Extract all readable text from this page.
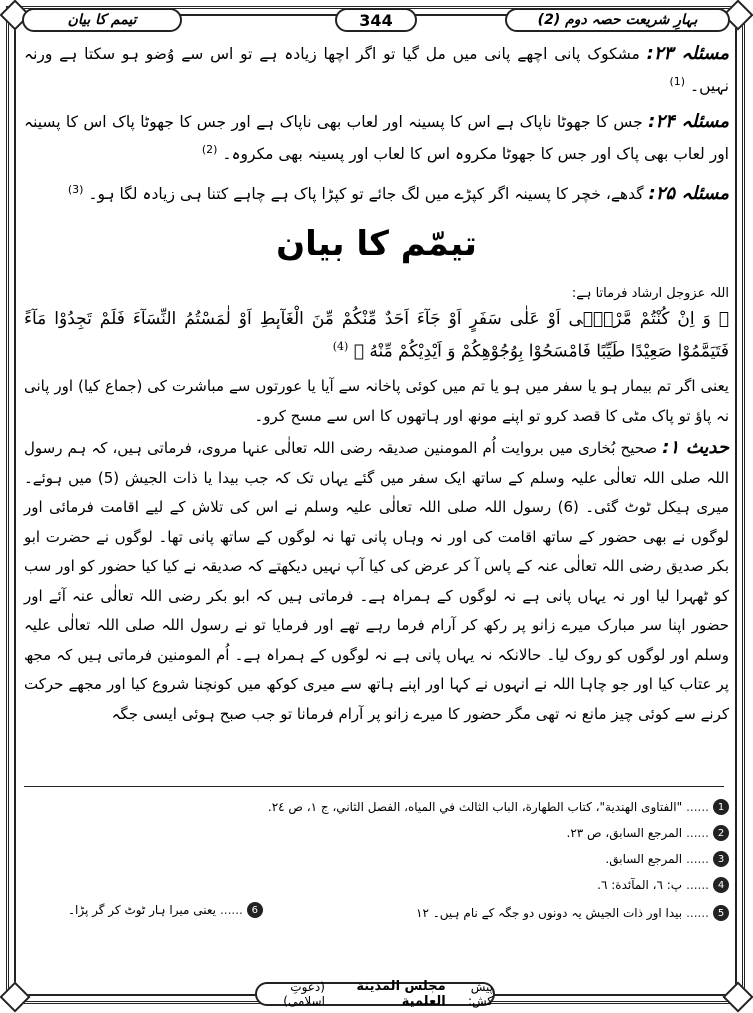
بہارِ شریعت حصہ دوم (2)
344
تیمم کا بیان

مسئلہ ۲۳: مشکوک پانی اچھے پانی میں مل گیا تو اگر اچھا زیادہ ہے تو اس سے وُضو ہو سکتا ہے ورنہ نہیں۔ $^{(1)}$

مسئلہ ۲۴: جس کا جھوٹا ناپاک ہے اس کا پسینہ اور لعاب بھی ناپاک ہے اور جس کا جھوٹا پاک اس کا پسینہ اور لعاب بھی پاک اور جس کا جھوٹا مکروہ اس کا لعاب اور پسینہ بھی مکروہ۔ $^{(2)}$

مسئلہ ۲۵: گدھے، خچر کا پسینہ اگر کپڑے میں لگ جائے تو کپڑا پاک ہے چاہے کتنا ہی زیادہ لگا ہو۔ $^{(3)}$

تیمّم کا بیان

اللہ عزوجل ارشاد فرماتا ہے:

﴿ وَ اِنْ كُنْتُمْ مَّرْضٰۤى اَوْ عَلٰى سَفَرٍ اَوْ جَآءَ اَحَدٌ مِّنْكُمْ مِّنَ الْغَآىٕطِ اَوْ لٰمَسْتُمُ النِّسَآءَ فَلَمْ تَجِدُوْا مَآءً فَتَيَمَّمُوْا صَعِيْدًا طَيِّبًا فَامْسَحُوْا بِوُجُوْهِكُمْ وَ اَيْدِيْكُمْ مِّنْهُ ﴾ $^{(4)}$

یعنی اگر تم بیمار ہو یا سفر میں ہو یا تم میں کوئی پاخانہ سے آیا یا عورتوں سے مباشرت کی (جماع کیا) اور پانی نہ پاؤ تو پاک مٹی کا قصد کرو تو اپنے مونھ اور ہاتھوں کا اس سے مسح کرو۔

حدیث ۱: صحیح بُخاری میں بروایت اُم المومنین صدیقہ رضی اللہ تعالٰی عنہا مروی، فرماتی ہیں، کہ ہم رسول اللہ صلی اللہ تعالٰی علیہ وسلم کے ساتھ ایک سفر میں گئے یہاں تک کہ جب بیدا یا ذات الجیش (5) میں ہوئے۔ میری ہیکل ٹوٹ گئی۔ (6) رسول اللہ صلی اللہ تعالٰی علیہ وسلم نے اس کی تلاش کے لیے اقامت فرمائی اور لوگوں نے بھی حضور کے ساتھ اقامت کی اور نہ وہاں پانی تھا نہ لوگوں کے ساتھ پانی تھا۔ لوگوں نے حضرت ابو بکر صدیق رضی اللہ تعالٰی عنہ کے پاس آ کر عرض کی کیا آپ نہیں دیکھتے کہ صدیقہ نے کیا کیا حضور کو اور سب کو ٹھہرا لیا اور نہ یہاں پانی ہے نہ لوگوں کے ہمراہ ہے۔ فرماتی ہیں کہ ابو بکر رضی اللہ تعالٰی عنہ آئے اور حضور اپنا سر مبارک میرے زانو پر رکھ کر آرام فرما رہے تھے اور فرمایا تو نے رسول اللہ صلی اللہ تعالٰی علیہ وسلم اور لوگوں کو روک لیا۔ حالانکہ نہ یہاں پانی ہے نہ لوگوں کے ہمراہ ہے۔ اُم المومنین فرماتی ہیں کہ مجھ پر عتاب کیا اور جو چاہا اللہ نے انہوں نے کہا اور اپنے ہاتھ سے میری کوکھ میں کونچنا شروع کیا اور مجھے حرکت کرنے سے کوئی چیز مانع نہ تھی مگر حضور کا میرے زانو پر آرام فرمانا تو جب صبح ہوئی ایسی جگہ

1
......
"الفتاوى الهندية"، كتاب الطهارة، الباب الثالث في المياه، الفصل الثاني، ج ١، ص ٢٤.
2
......
المرجع السابق، ص ٢٣.
3
......
المرجع السابق.
4
......
پ: ٦، المآئدة: ٦.
5
......
بیدا اور ذات الجیش یہ دونوں دو جگہ کے نام ہیں۔ ۱۲
6
......
یعنی میرا ہار ٹوٹ کر گر پڑا۔
پیش کش:
مجلس المدينة العلمية
(دعوتِ اسلامی)
